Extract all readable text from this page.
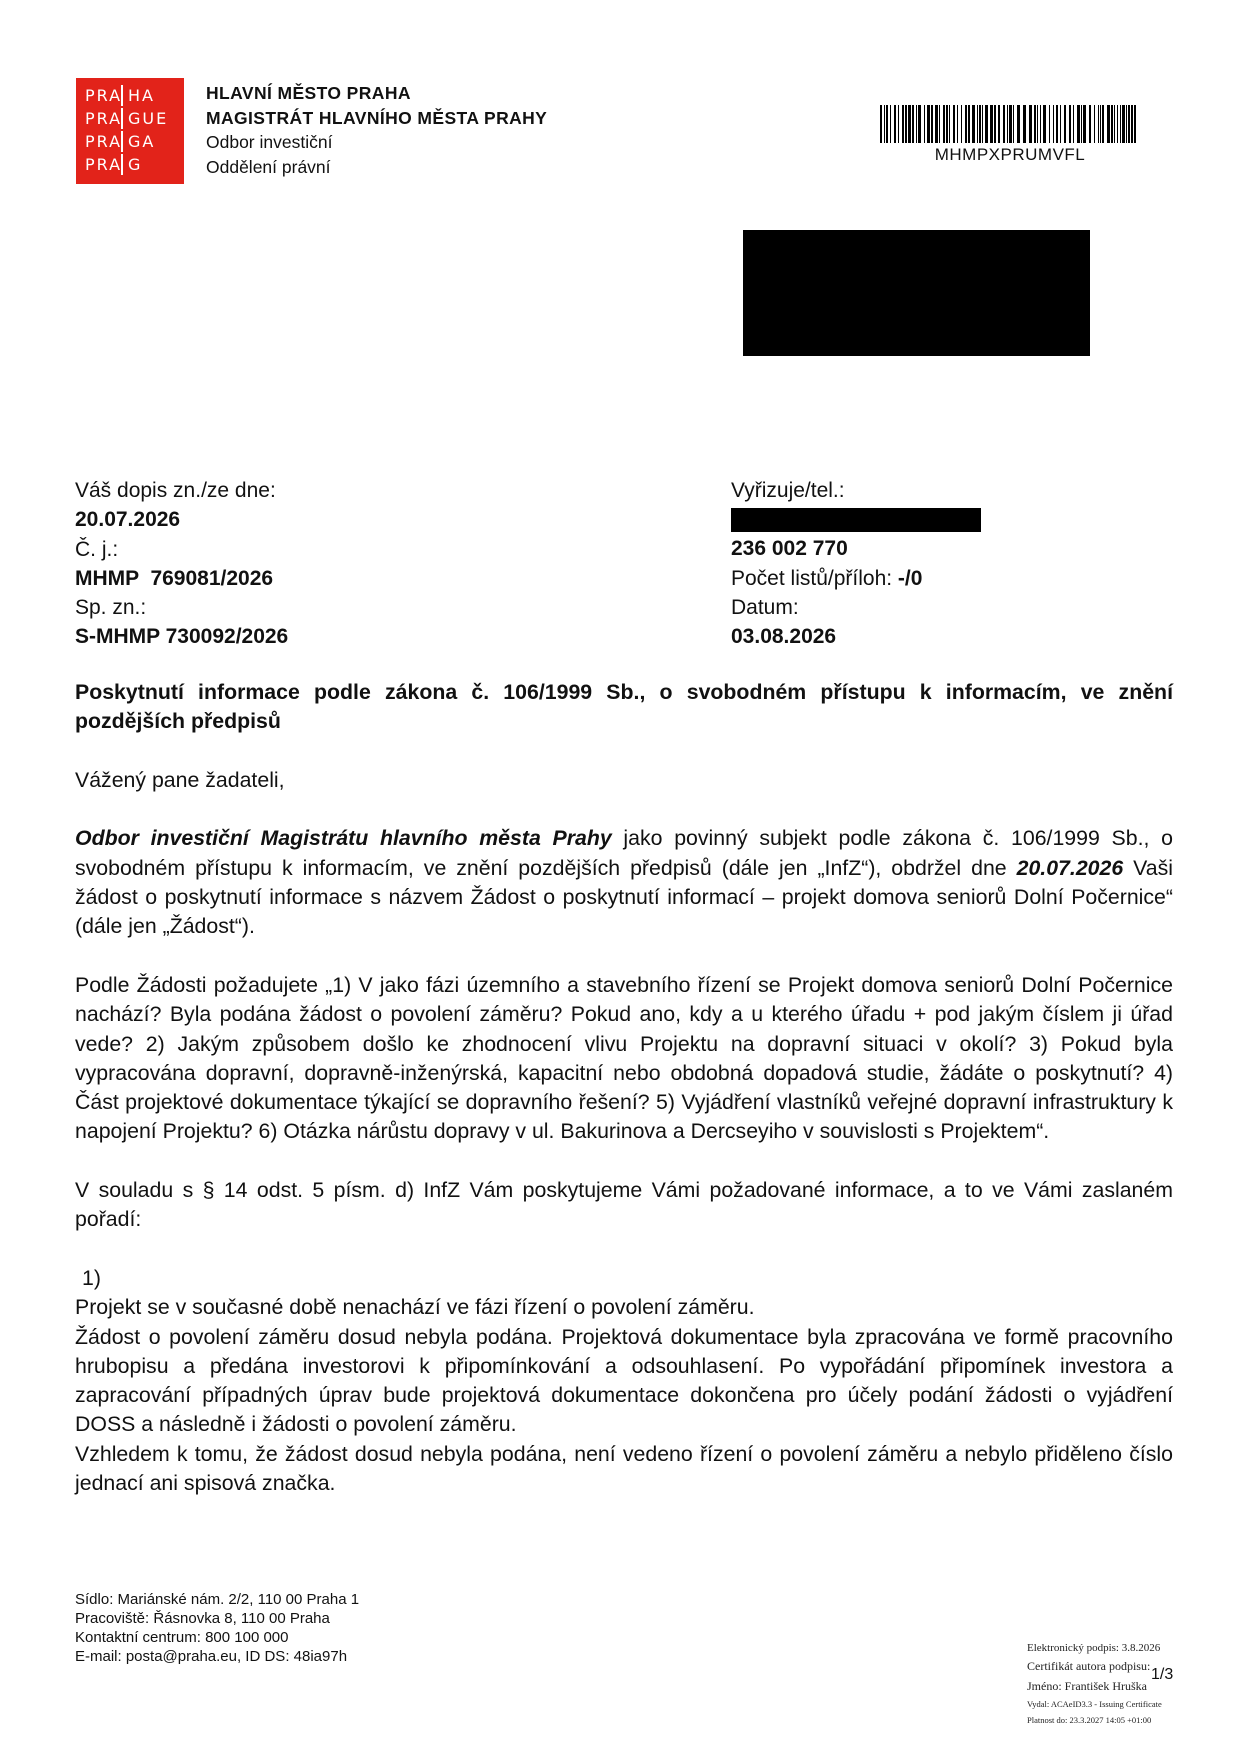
PRA HA
PRA GUE
PRA GA
PRA G
HLAVNÍ MĚSTO PRAHA
MAGISTRÁT HLAVNÍHO MĚSTA PRAHY
Odbor investiční
Oddělení právní
MHMPXPRUMVFL
Váš dopis zn./ze dne:
20.07.2026
Č. j.:
MHMP  769081/2026
Sp. zn.:
S-MHMP 730092/2026
Vyřizuje/tel.:
236 002 770
Počet listů/příloh: -/0
Datum:
03.08.2026

Poskytnutí informace podle zákona č. 106/1999 Sb., o svobodném přístupu k informacím, ve znění pozdějších předpisů

Vážený pane žadateli,

Odbor investiční Magistrátu hlavního města Prahy jako povinný subjekt podle zákona č. 106/1999 Sb., o svobodném přístupu k informacím, ve znění pozdějších předpisů (dále jen „InfZ“), obdržel dne 20.07.2026 Vaši žádost o poskytnutí informace s názvem Žádost o poskytnutí informací – projekt domova seniorů Dolní Počernice“ (dále jen „Žádost“).

Podle Žádosti požadujete „1) V jako fázi územního a stavebního řízení se Projekt domova seniorů Dolní Počernice nachází? Byla podána žádost o povolení záměru? Pokud ano, kdy a u kterého úřadu + pod jakým číslem ji úřad vede? 2) Jakým způsobem došlo ke zhodnocení vlivu Projektu na dopravní situaci v okolí? 3) Pokud byla vypracována dopravní, dopravně-inženýrská, kapacitní nebo obdobná dopadová studie, žádáte o poskytnutí? 4) Část projektové dokumentace týkající se dopravního řešení? 5) Vyjádření vlastníků veřejné dopravní infrastruktury k napojení Projektu? 6) Otázka nárůstu dopravy v ul. Bakurinova a Dercseyiho v souvislosti s Projektem“.

V souladu s § 14 odst. 5 písm. d) InfZ Vám poskytujeme Vámi požadované informace, a to ve Vámi zaslaném pořadí:

1)

Projekt se v současné době nenachází ve fázi řízení o povolení záměru.

Žádost o povolení záměru dosud nebyla podána. Projektová dokumentace byla zpracována ve formě pracovního hrubopisu a předána investorovi k připomínkování a odsouhlasení. Po vypořádání připomínek investora a zapracování případných úprav bude projektová dokumentace dokončena pro účely podání žádosti o vyjádření DOSS a následně i žádosti o povolení záměru.

Vzhledem k tomu, že žádost dosud nebyla podána, není vedeno řízení o povolení záměru a nebylo přiděleno číslo jednací ani spisová značka.

Sídlo: Mariánské nám. 2/2, 110 00 Praha 1
Pracoviště: Řásnovka 8, 110 00 Praha
Kontaktní centrum: 800 100 000
E-mail: posta@praha.eu, ID DS: 48ia97h	Elektronický podpis: 3.8.2026
Certifikát autora podpisu:
Jméno: František Hruška
Vydal: ACAeID3.3 - Issuing Certificate
Platnost do: 23.3.2027 14:05 +01:00
1/3
